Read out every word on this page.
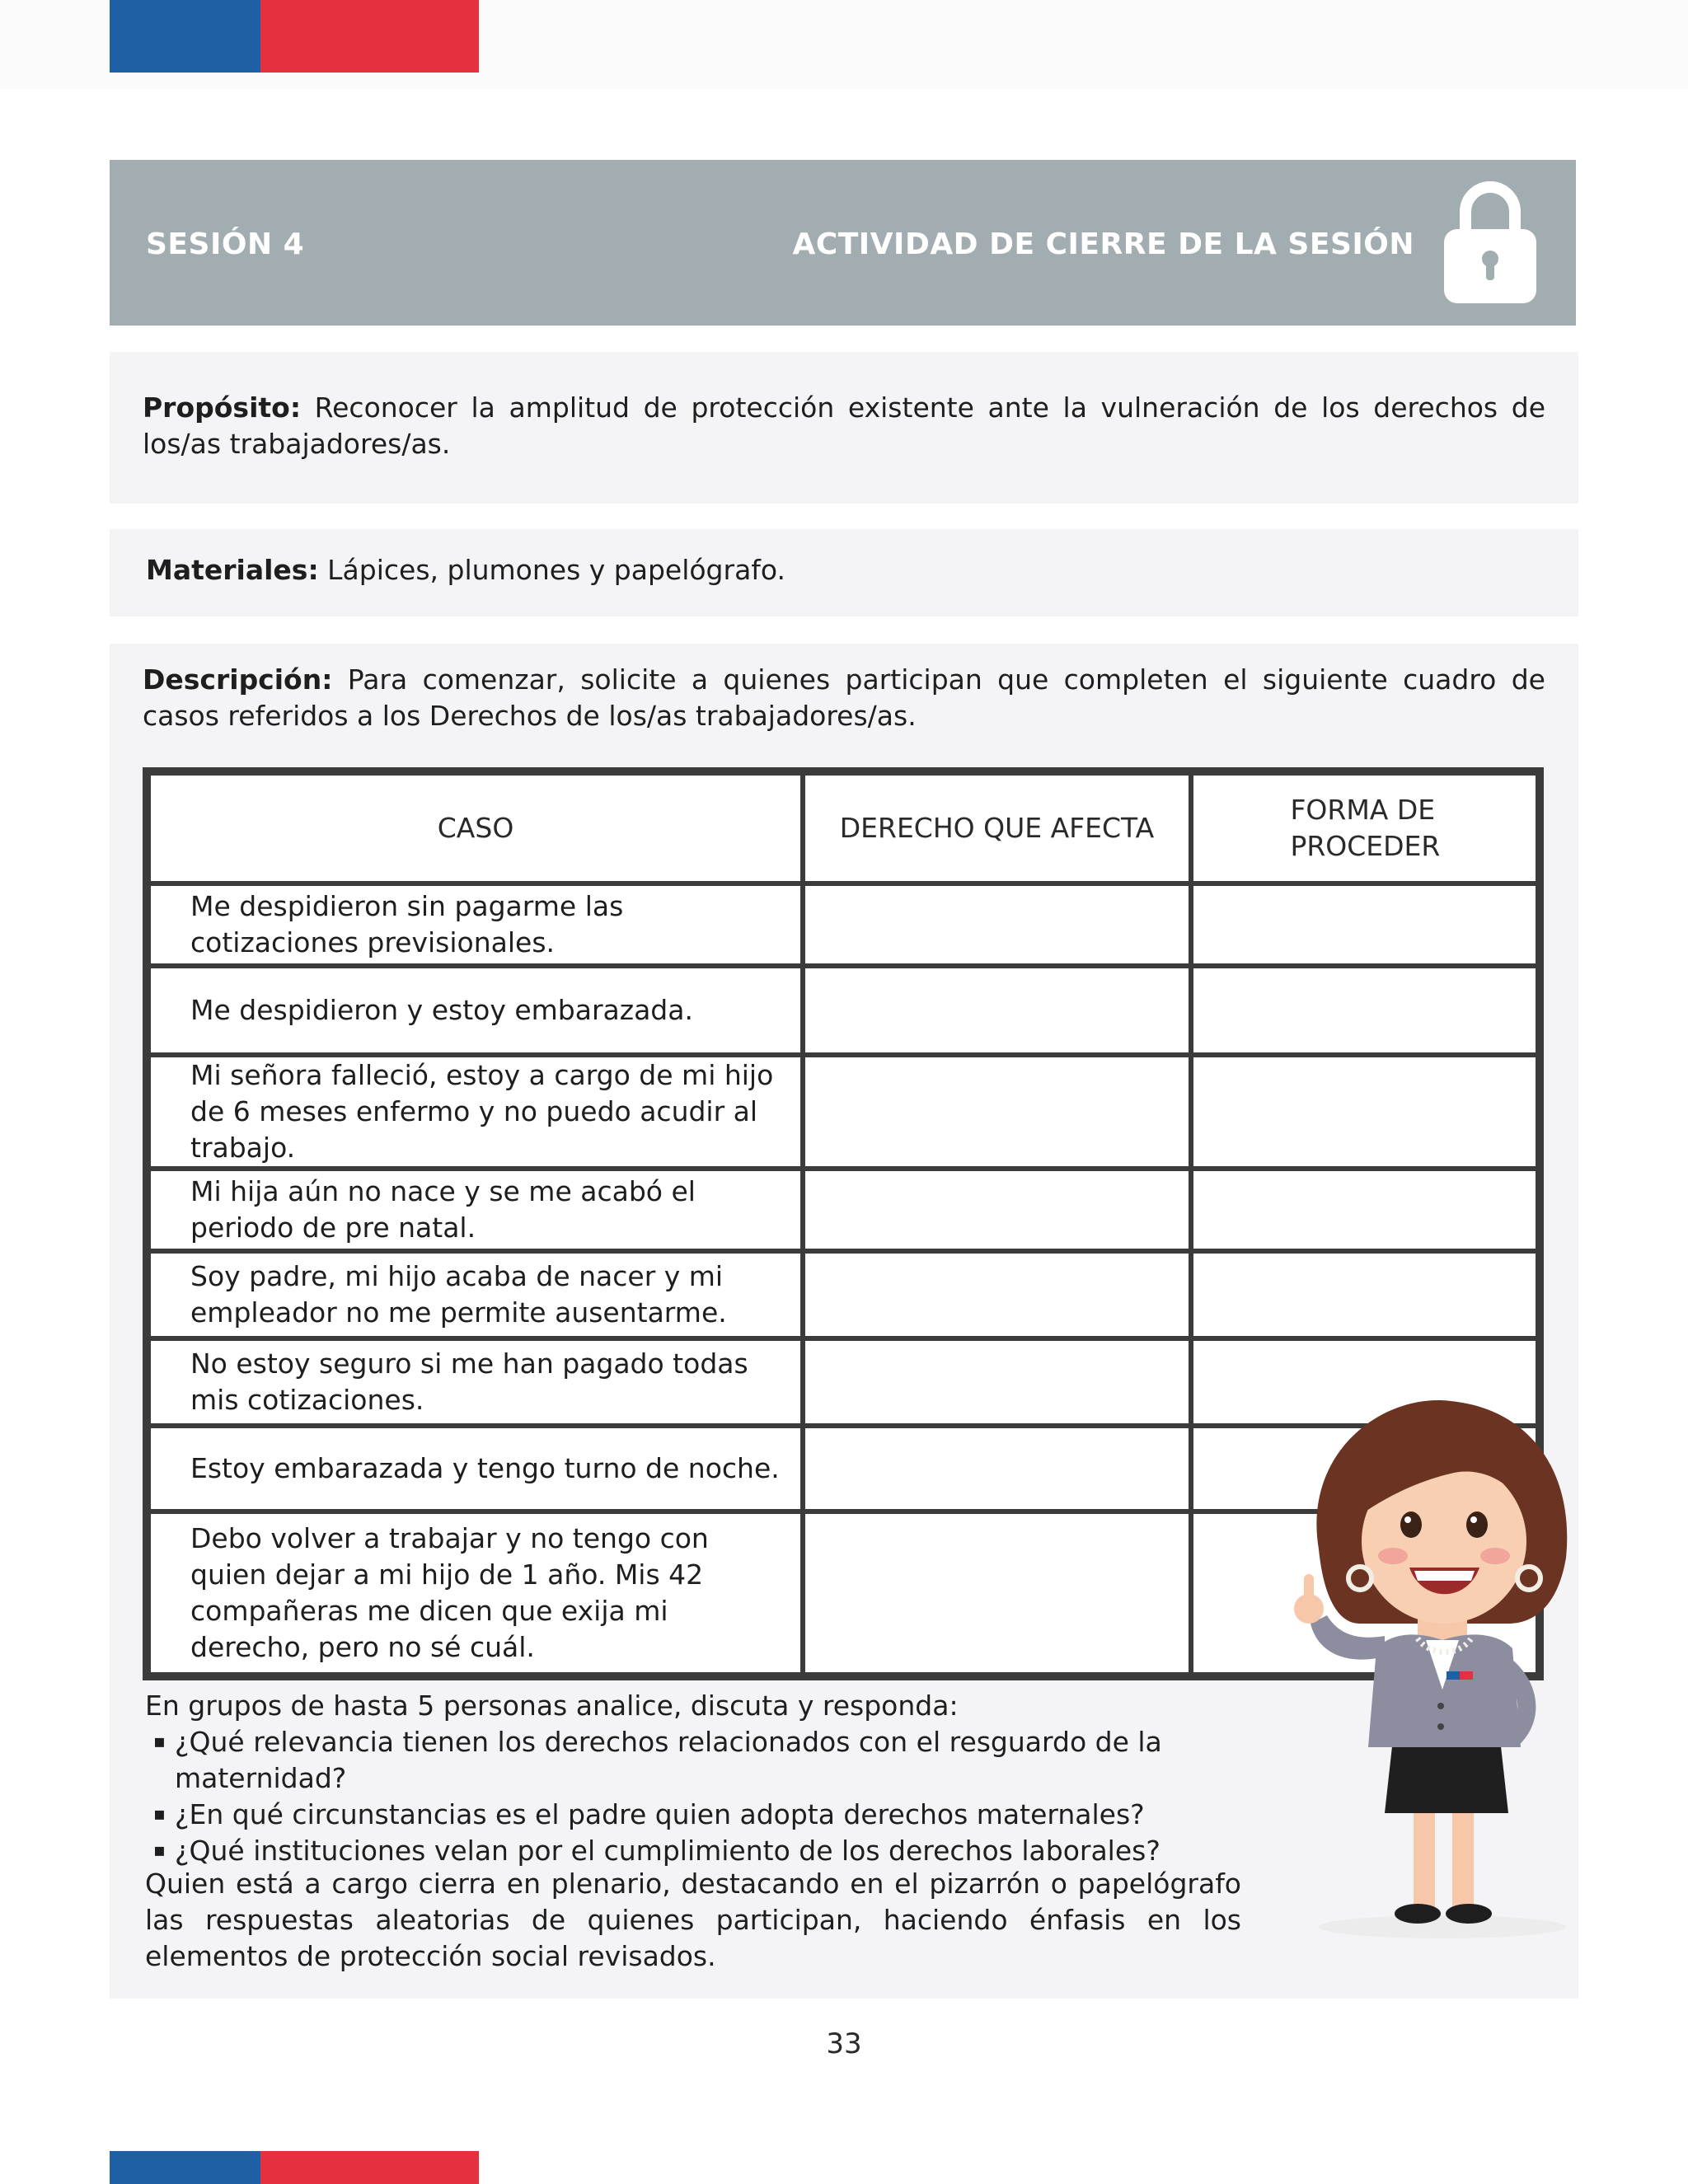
SESIÓN 4	ACTIVIDAD DE CIERRE DE LA SESIÓN

Propósito: Reconocer la amplitud de protección existente ante la vulneración de los derechos de los/as trabajadores/as.

Materiales: Lápices, plumones y papelógrafo.

Descripción: Para comenzar, solicite a quienes participan que completen el siguiente cuadro de casos referidos a los Derechos de los/as trabajadores/as.

CASO	DERECHO QUE AFECTA	FORMA DE PROCEDER
Me despidieron sin pagarme las cotizaciones previsionales.		
Me despidieron y estoy embarazada.		
Mi señora falleció, estoy a cargo de mi hijo de 6 meses enfermo y no puedo acudir al trabajo.		
Mi hija aún no nace y se me acabó el periodo de pre natal.		
Soy padre, mi hijo acaba de nacer y mi empleador no me permite ausentarme.		
No estoy seguro si me han pagado todas mis cotizaciones.		
Estoy embarazada y tengo turno de noche.		
Debo volver a trabajar y no tengo con quien dejar a mi hijo de 1 año. Mis 42 compañeras me dicen que exija mi derecho, pero no sé cuál.		
En grupos de hasta 5 personas analice, discuta y responda:
▪ ¿Qué relevancia tienen los derechos relacionados con el resguardo de la maternidad?
▪ ¿En qué circunstancias es el padre quien adopta derechos maternales?
▪ ¿Qué instituciones velan por el cumplimiento de los derechos laborales?
Quien está a cargo cierra en plenario, destacando en el pizarrón o papelógrafo las respuestas aleatorias de quienes participan, haciendo énfasis en los elementos de protección social revisados.
33
